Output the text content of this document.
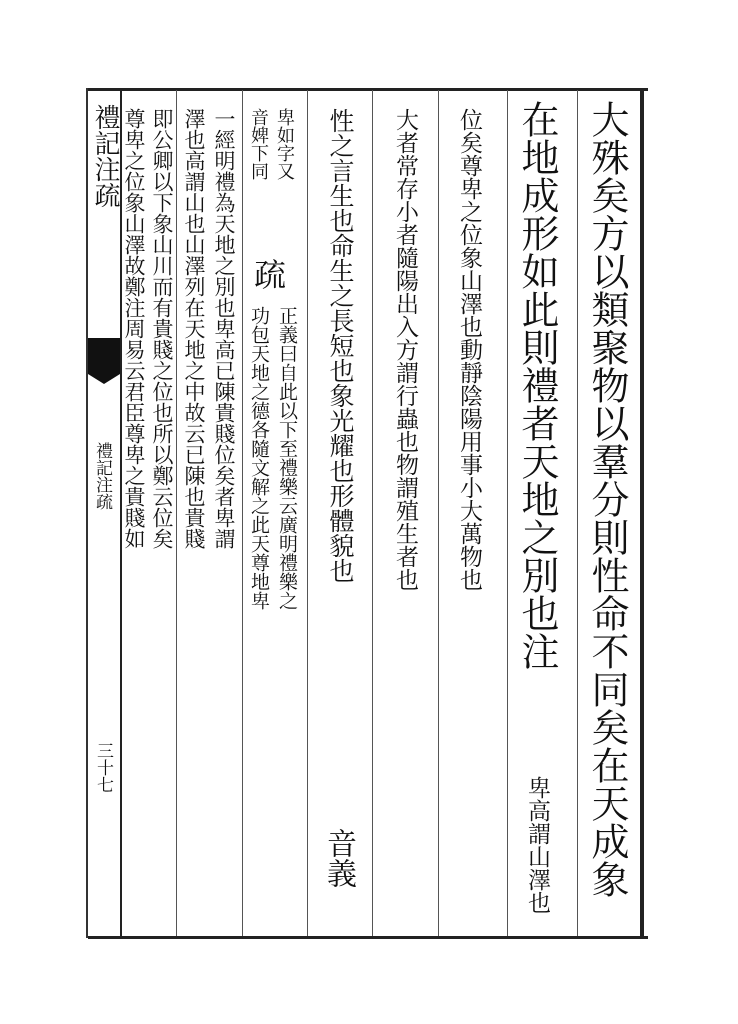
禮記注疏
禮記注疏
三十七	大殊矣方以類聚物以羣分則性命不同矣在天成象
在地成形如此則禮者天地之別也注
卑高謂山澤也
位矣尊卑之位象山澤也動靜陰陽用事小大萬物也
大者常存小者隨陽出入方謂行蟲也物謂殖生者也
性之言生也命生之長短也象光耀也形體貌也
音義
卑如字又
音婢下同
疏
正義曰自此以下至禮樂云廣明禮樂之
功包天地之德各隨文解之此天尊地卑
一經明禮為天地之別也卑高已陳貴賤位矣者卑謂
澤也高謂山也山澤列在天地之中故云已陳也貴賤
即公卿以下象山川而有貴賤之位也所以鄭云位矣
尊卑之位象山澤故鄭注周易云君臣尊卑之貴賤如
